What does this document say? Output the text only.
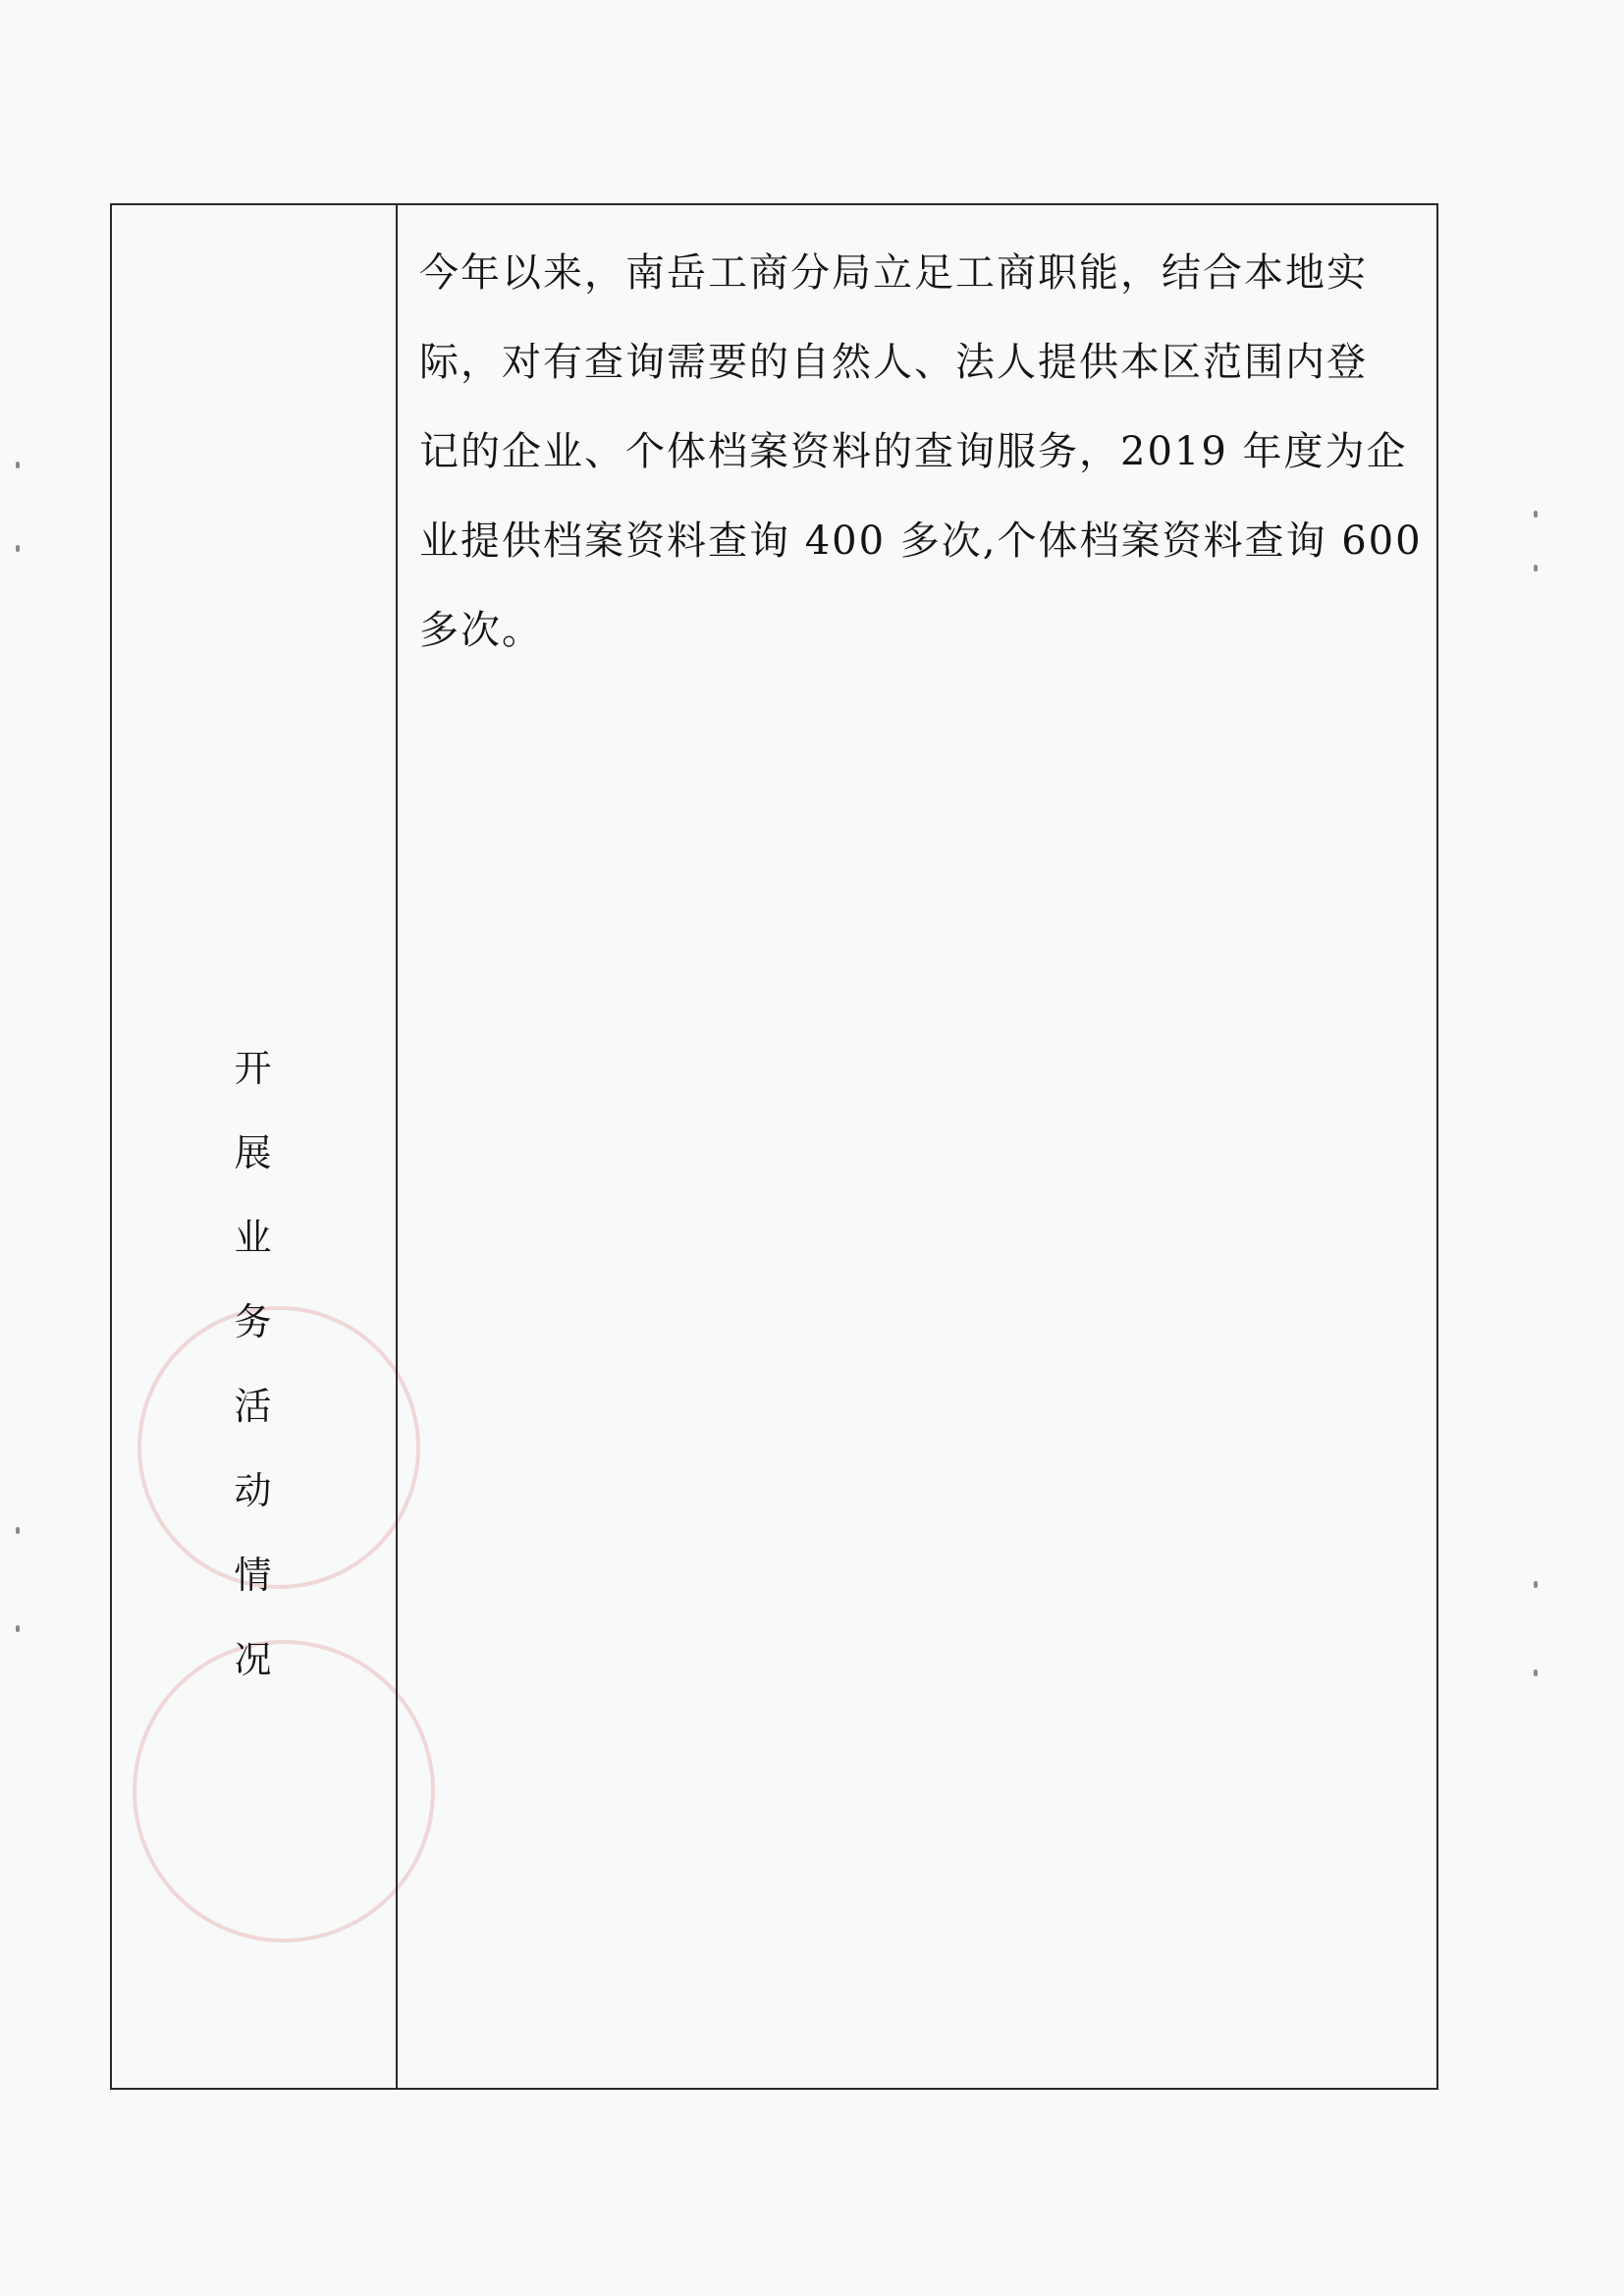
开
展
业
务
活
动
情
况
今年以来，南岳工商分局立足工商职能，结合本地实
际，对有查询需要的自然人、法人提供本区范围内登
记的企业、个体档案资料的查询服务，2019 年度为企
业提供档案资料查询 400 多次,个体档案资料查询 600
多次。
